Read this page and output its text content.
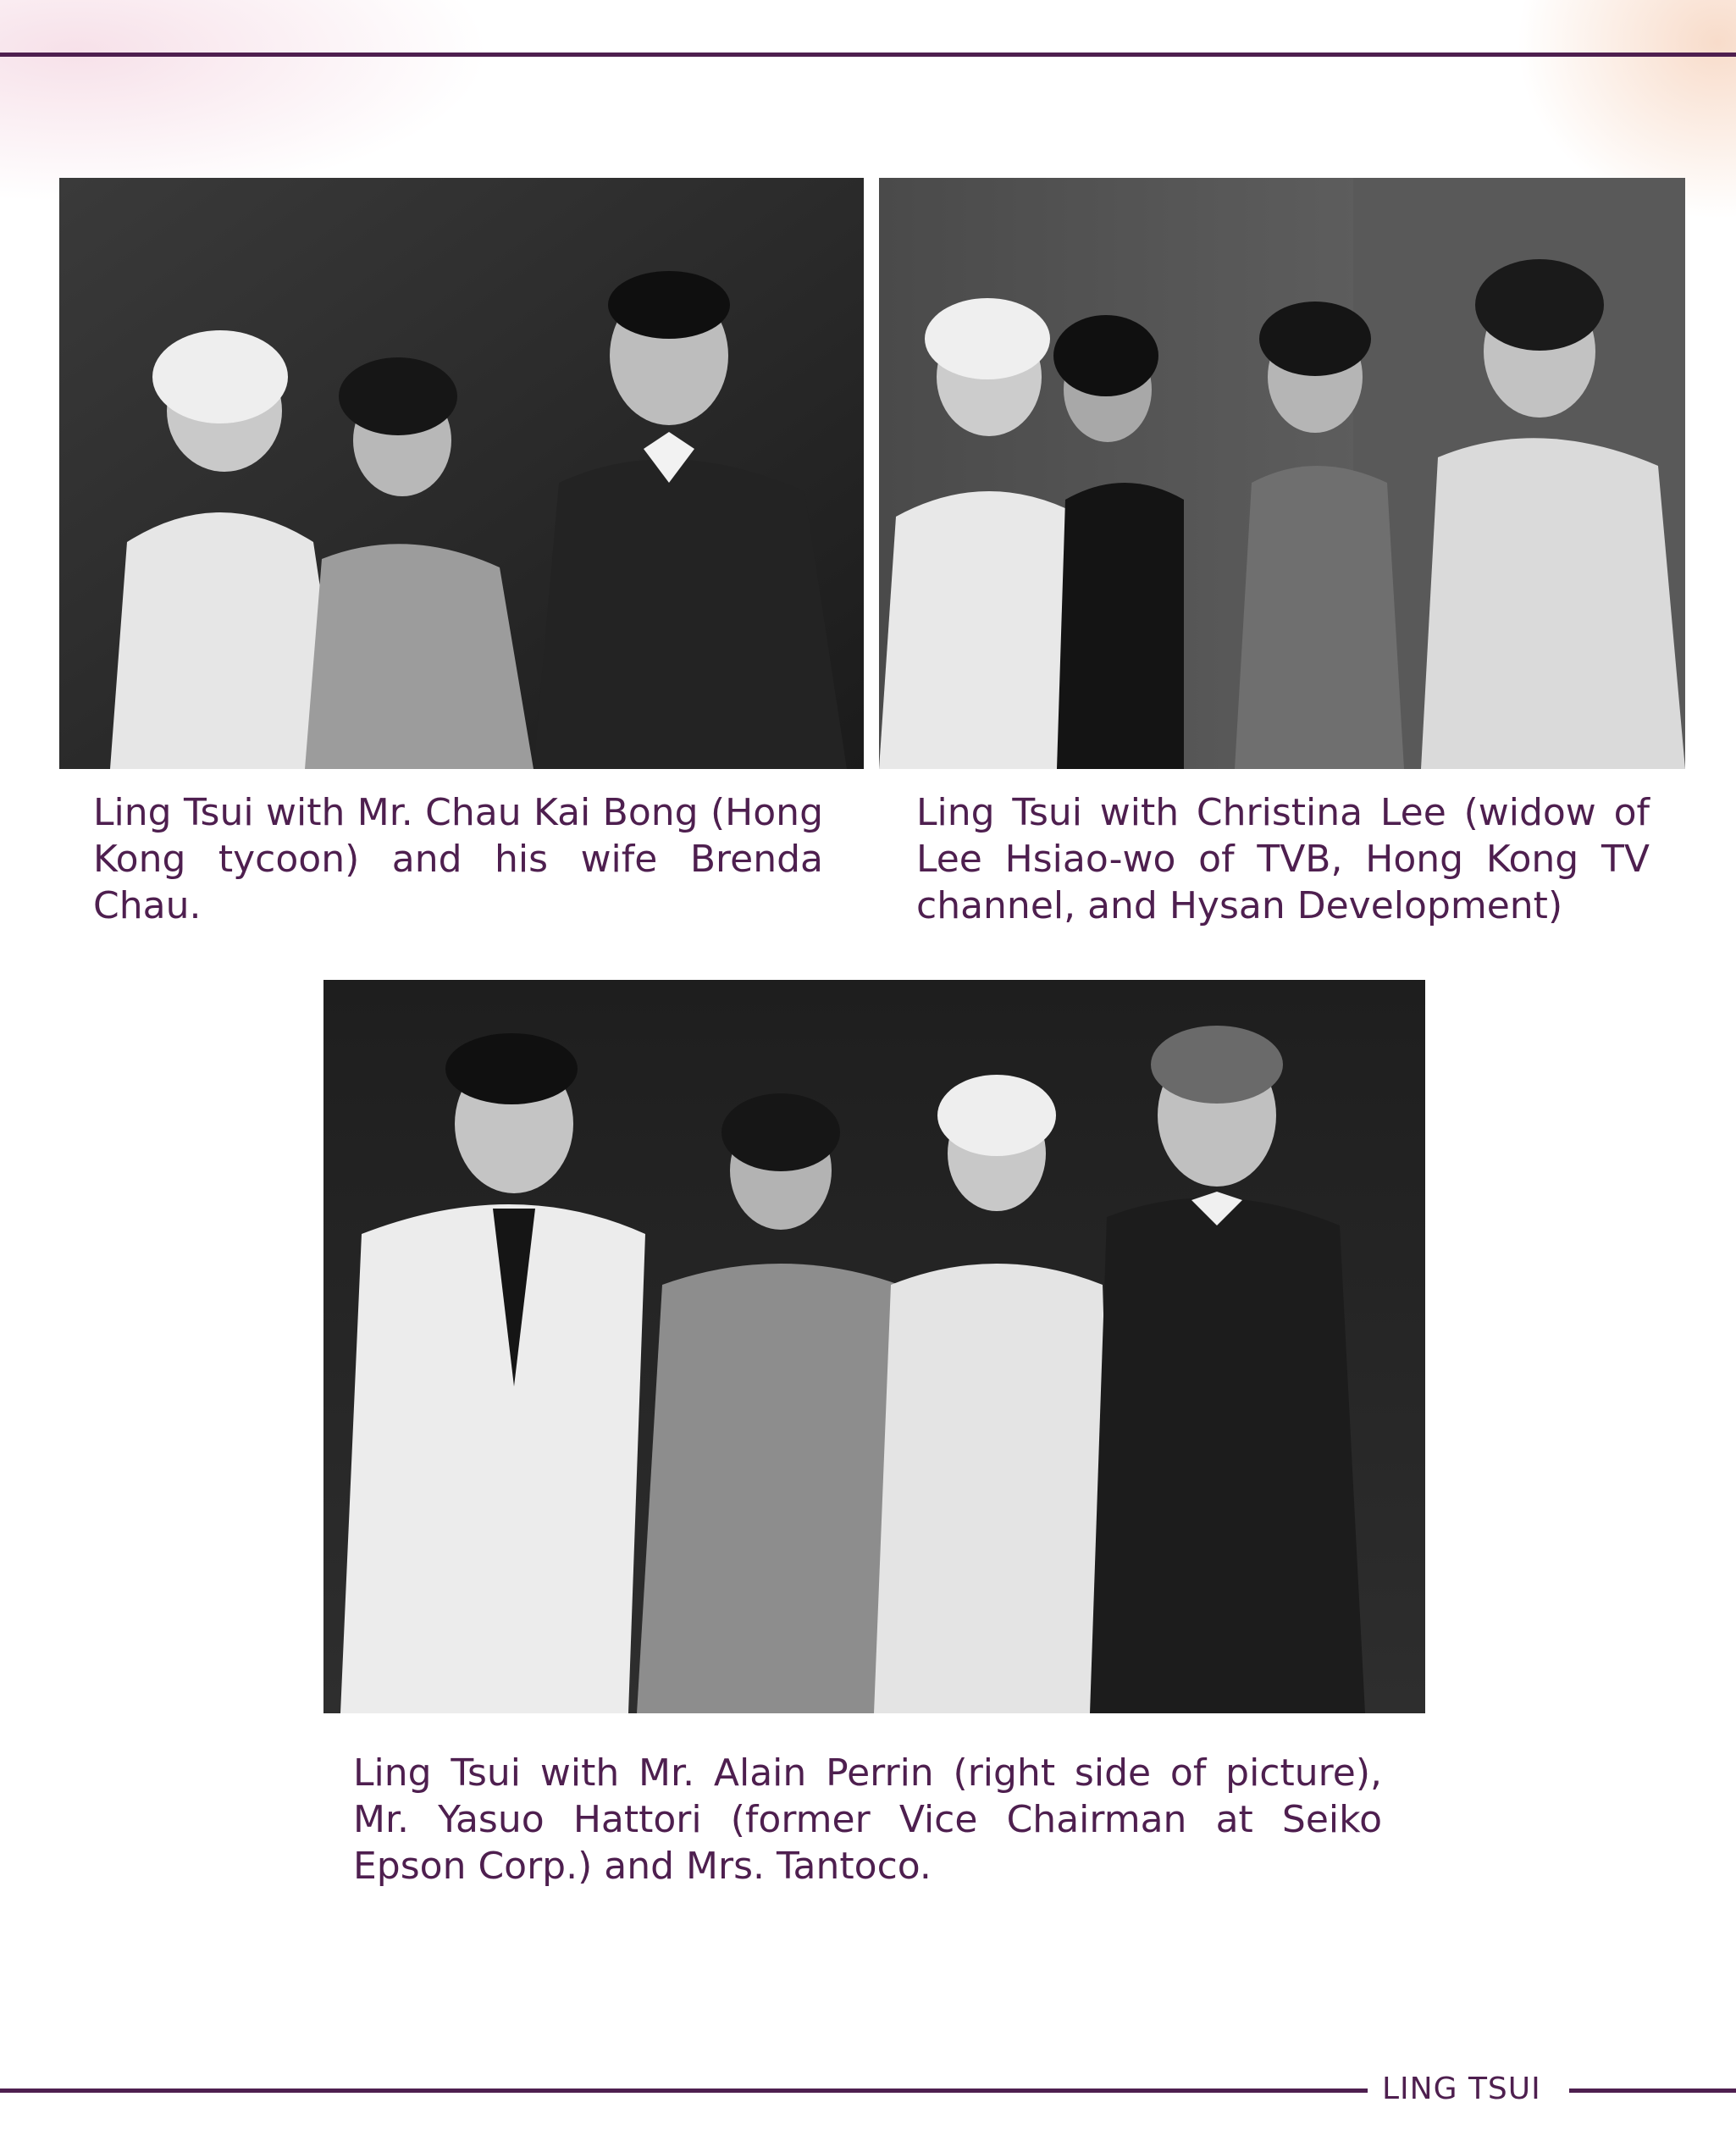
Ling Tsui with Mr. Chau Kai Bong (Hong Kong tycoon) and his wife Brenda Chau.
Ling Tsui with Christina Lee (widow of Lee Hsiao-wo of TVB, Hong Kong TV channel, and Hysan Development)
Ling Tsui with Mr. Alain Perrin (right side of picture), Mr. Yasuo Hattori (former Vice Chairman at Seiko Epson Corp.) and Mrs. Tantoco.
LING TSUI
